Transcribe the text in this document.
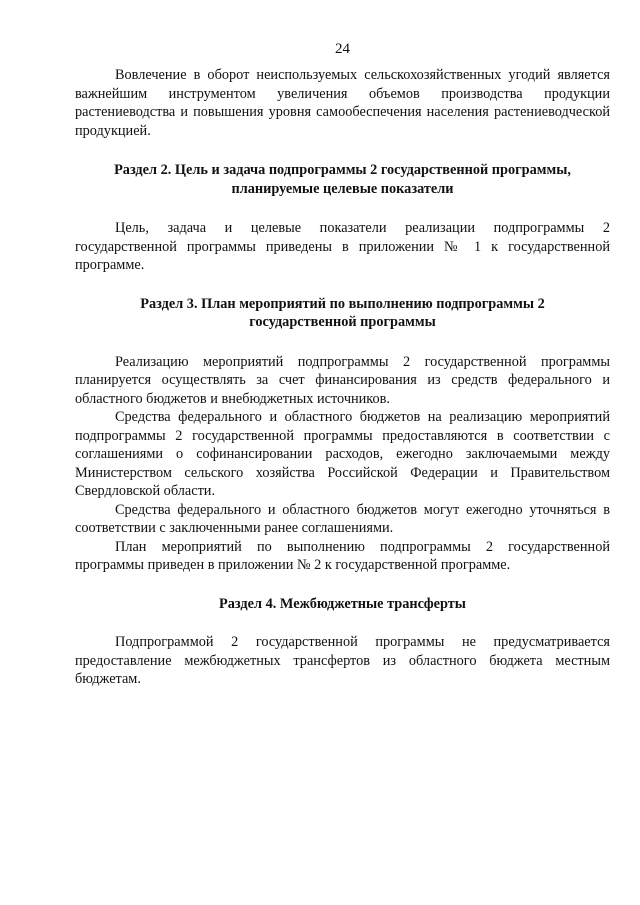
24

Вовлечение в оборот неиспользуемых сельскохозяйственных угодий является важнейшим инструментом увеличения объемов производства продукции растениеводства и повышения уровня самообеспечения населения растениеводческой продукцией.

Раздел 2. Цель и задача подпрограммы 2 государственной программы,
планируемые целевые показатели

Цель, задача и целевые показатели реализации подпрограммы 2 государственной программы приведены в приложении № 1 к государственной программе.

Раздел 3. План мероприятий по выполнению подпрограммы 2
государственной программы

Реализацию мероприятий подпрограммы 2 государственной программы планируется осуществлять за счет финансирования из средств федерального и областного бюджетов и внебюджетных источников.

Средства федерального и областного бюджетов на реализацию мероприятий подпрограммы 2 государственной программы предоставляются в соответствии с соглашениями о софинансировании расходов, ежегодно заключаемыми между Министерством сельского хозяйства Российской Федерации и Правительством Свердловской области.

Средства федерального и областного бюджетов могут ежегодно уточняться в соответствии с заключенными ранее соглашениями.

План мероприятий по выполнению подпрограммы 2 государственной программы приведен в приложении № 2 к государственной программе.

Раздел 4. Межбюджетные трансферты

Подпрограммой 2 государственной программы не предусматривается предоставление межбюджетных трансфертов из областного бюджета местным бюджетам.
